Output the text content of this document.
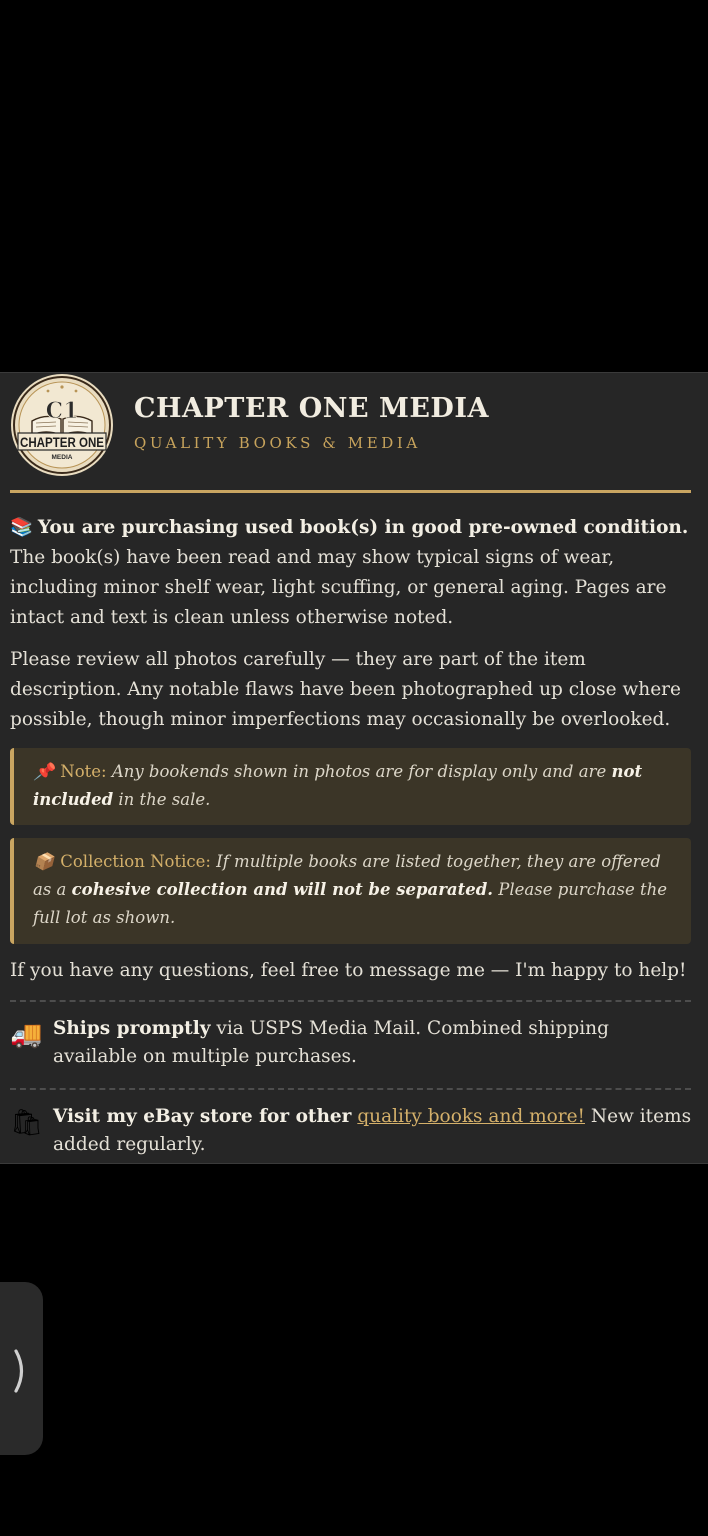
C1
CHAPTER ONE
MEDIA
CHAPTER ONE MEDIA
QUALITY BOOKS & MEDIA
📚 You are purchasing used book(s) in good pre-owned condition. The book(s) have been read and may show typical signs of wear, including minor shelf wear, light scuffing, or general aging. Pages are intact and text is clean unless otherwise noted.
Please review all photos carefully — they are part of the item description. Any notable flaws have been photographed up close where possible, though minor imperfections may occasionally be overlooked.
📌 Note: Any bookends shown in photos are for display only and are not included in the sale.
📦 Collection Notice: If multiple books are listed together, they are offered as a cohesive collection and will not be separated. Please purchase the full lot as shown.
If you have any questions, feel free to message me — I'm happy to help!
🚚 Ships promptly via USPS Media Mail. Combined shipping available on multiple purchases.
🛍 Visit my eBay store for other quality books and more! New items added regularly.
